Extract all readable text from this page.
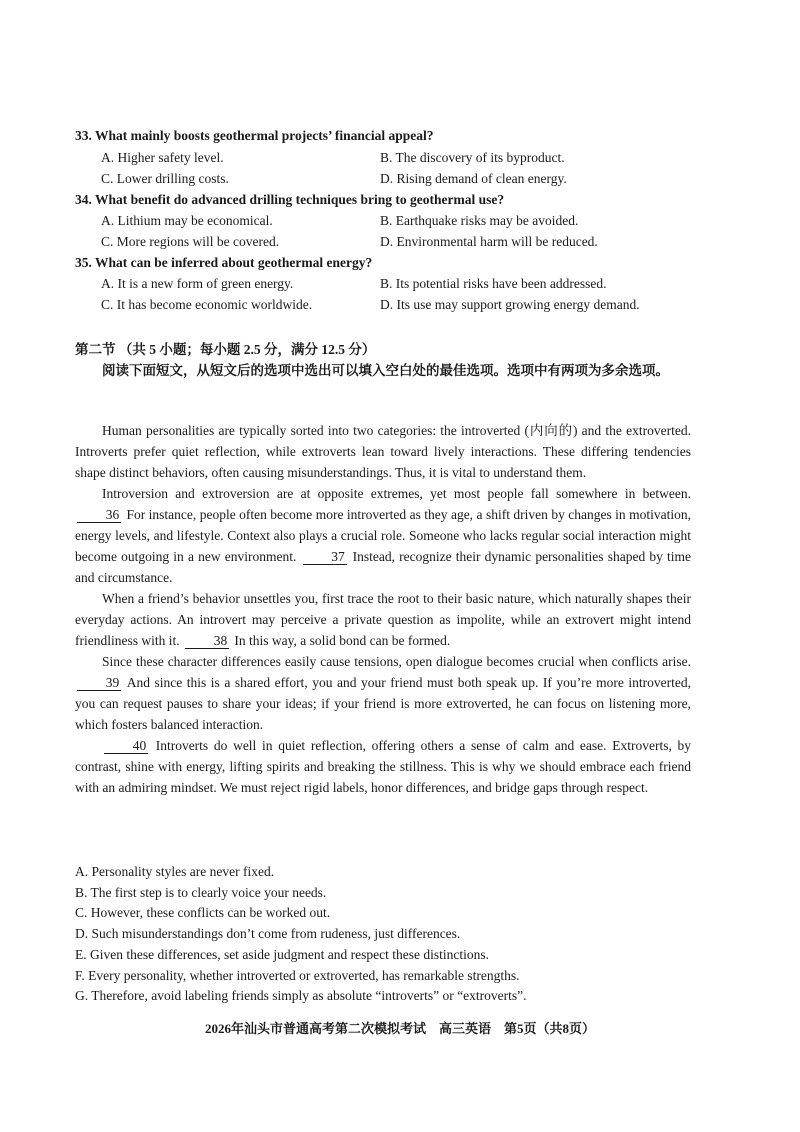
33. What mainly boosts geothermal projects’ financial appeal?
A. Higher safety level.	B. The discovery of its byproduct.
C. Lower drilling costs.	D. Rising demand of clean energy.
34. What benefit do advanced drilling techniques bring to geothermal use?
A. Lithium may be economical.	B. Earthquake risks may be avoided.
C. More regions will be covered.	D. Environmental harm will be reduced.
35. What can be inferred about geothermal energy?
A. It is a new form of green energy.	B. Its potential risks have been addressed.
C. It has become economic worldwide.	D. Its use may support growing energy demand.
第二节 （共 5 小题；每小题 2.5 分，满分 12.5 分）
阅读下面短文，从短文后的选项中选出可以填入空白处的最佳选项。选项中有两项为多余选项。

Human personalities are typically sorted into two categories: the introverted (内向的) and the extroverted. Introverts prefer quiet reflection, while extroverts lean toward lively interactions. These differing tendencies shape distinct behaviors, often causing misunderstandings. Thus, it is vital to understand them.

Introversion and extroversion are at opposite extremes, yet most people fall somewhere in between. 36 For instance, people often become more introverted as they age, a shift driven by changes in motivation, energy levels, and lifestyle. Context also plays a crucial role. Someone who lacks regular social interaction might become outgoing in a new environment.	37 Instead, recognize their dynamic personalities shaped by time and circumstance.

When a friend’s behavior unsettles you, first trace the root to their basic nature, which naturally shapes their everyday actions. An introvert may perceive a private question as impolite, while an extrovert might intend friendliness with it.	38 In this way, a solid bond can be formed.

Since these character differences easily cause tensions, open dialogue becomes crucial when conflicts arise. 39 And since this is a shared effort, you and your friend must both speak up. If you’re more introverted, you can request pauses to share your ideas; if your friend is more extroverted, he can focus on listening more, which fosters balanced interaction.

40 Introverts do well in quiet reflection, offering others a sense of calm and ease. Extroverts, by contrast, shine with energy, lifting spirits and breaking the stillness. This is why we should embrace each friend with an admiring mindset. We must reject rigid labels, honor differences, and bridge gaps through respect.

A. Personality styles are never fixed.
B. The first step is to clearly voice your needs.
C. However, these conflicts can be worked out.
D. Such misunderstandings don’t come from rudeness, just differences.
E. Given these differences, set aside judgment and respect these distinctions.
F. Every personality, whether introverted or extroverted, has remarkable strengths.
G. Therefore, avoid labeling friends simply as absolute “introverts” or “extroverts”.
2026年汕头市普通高考第二次模拟考试　高三英语　第5页（共8页）
